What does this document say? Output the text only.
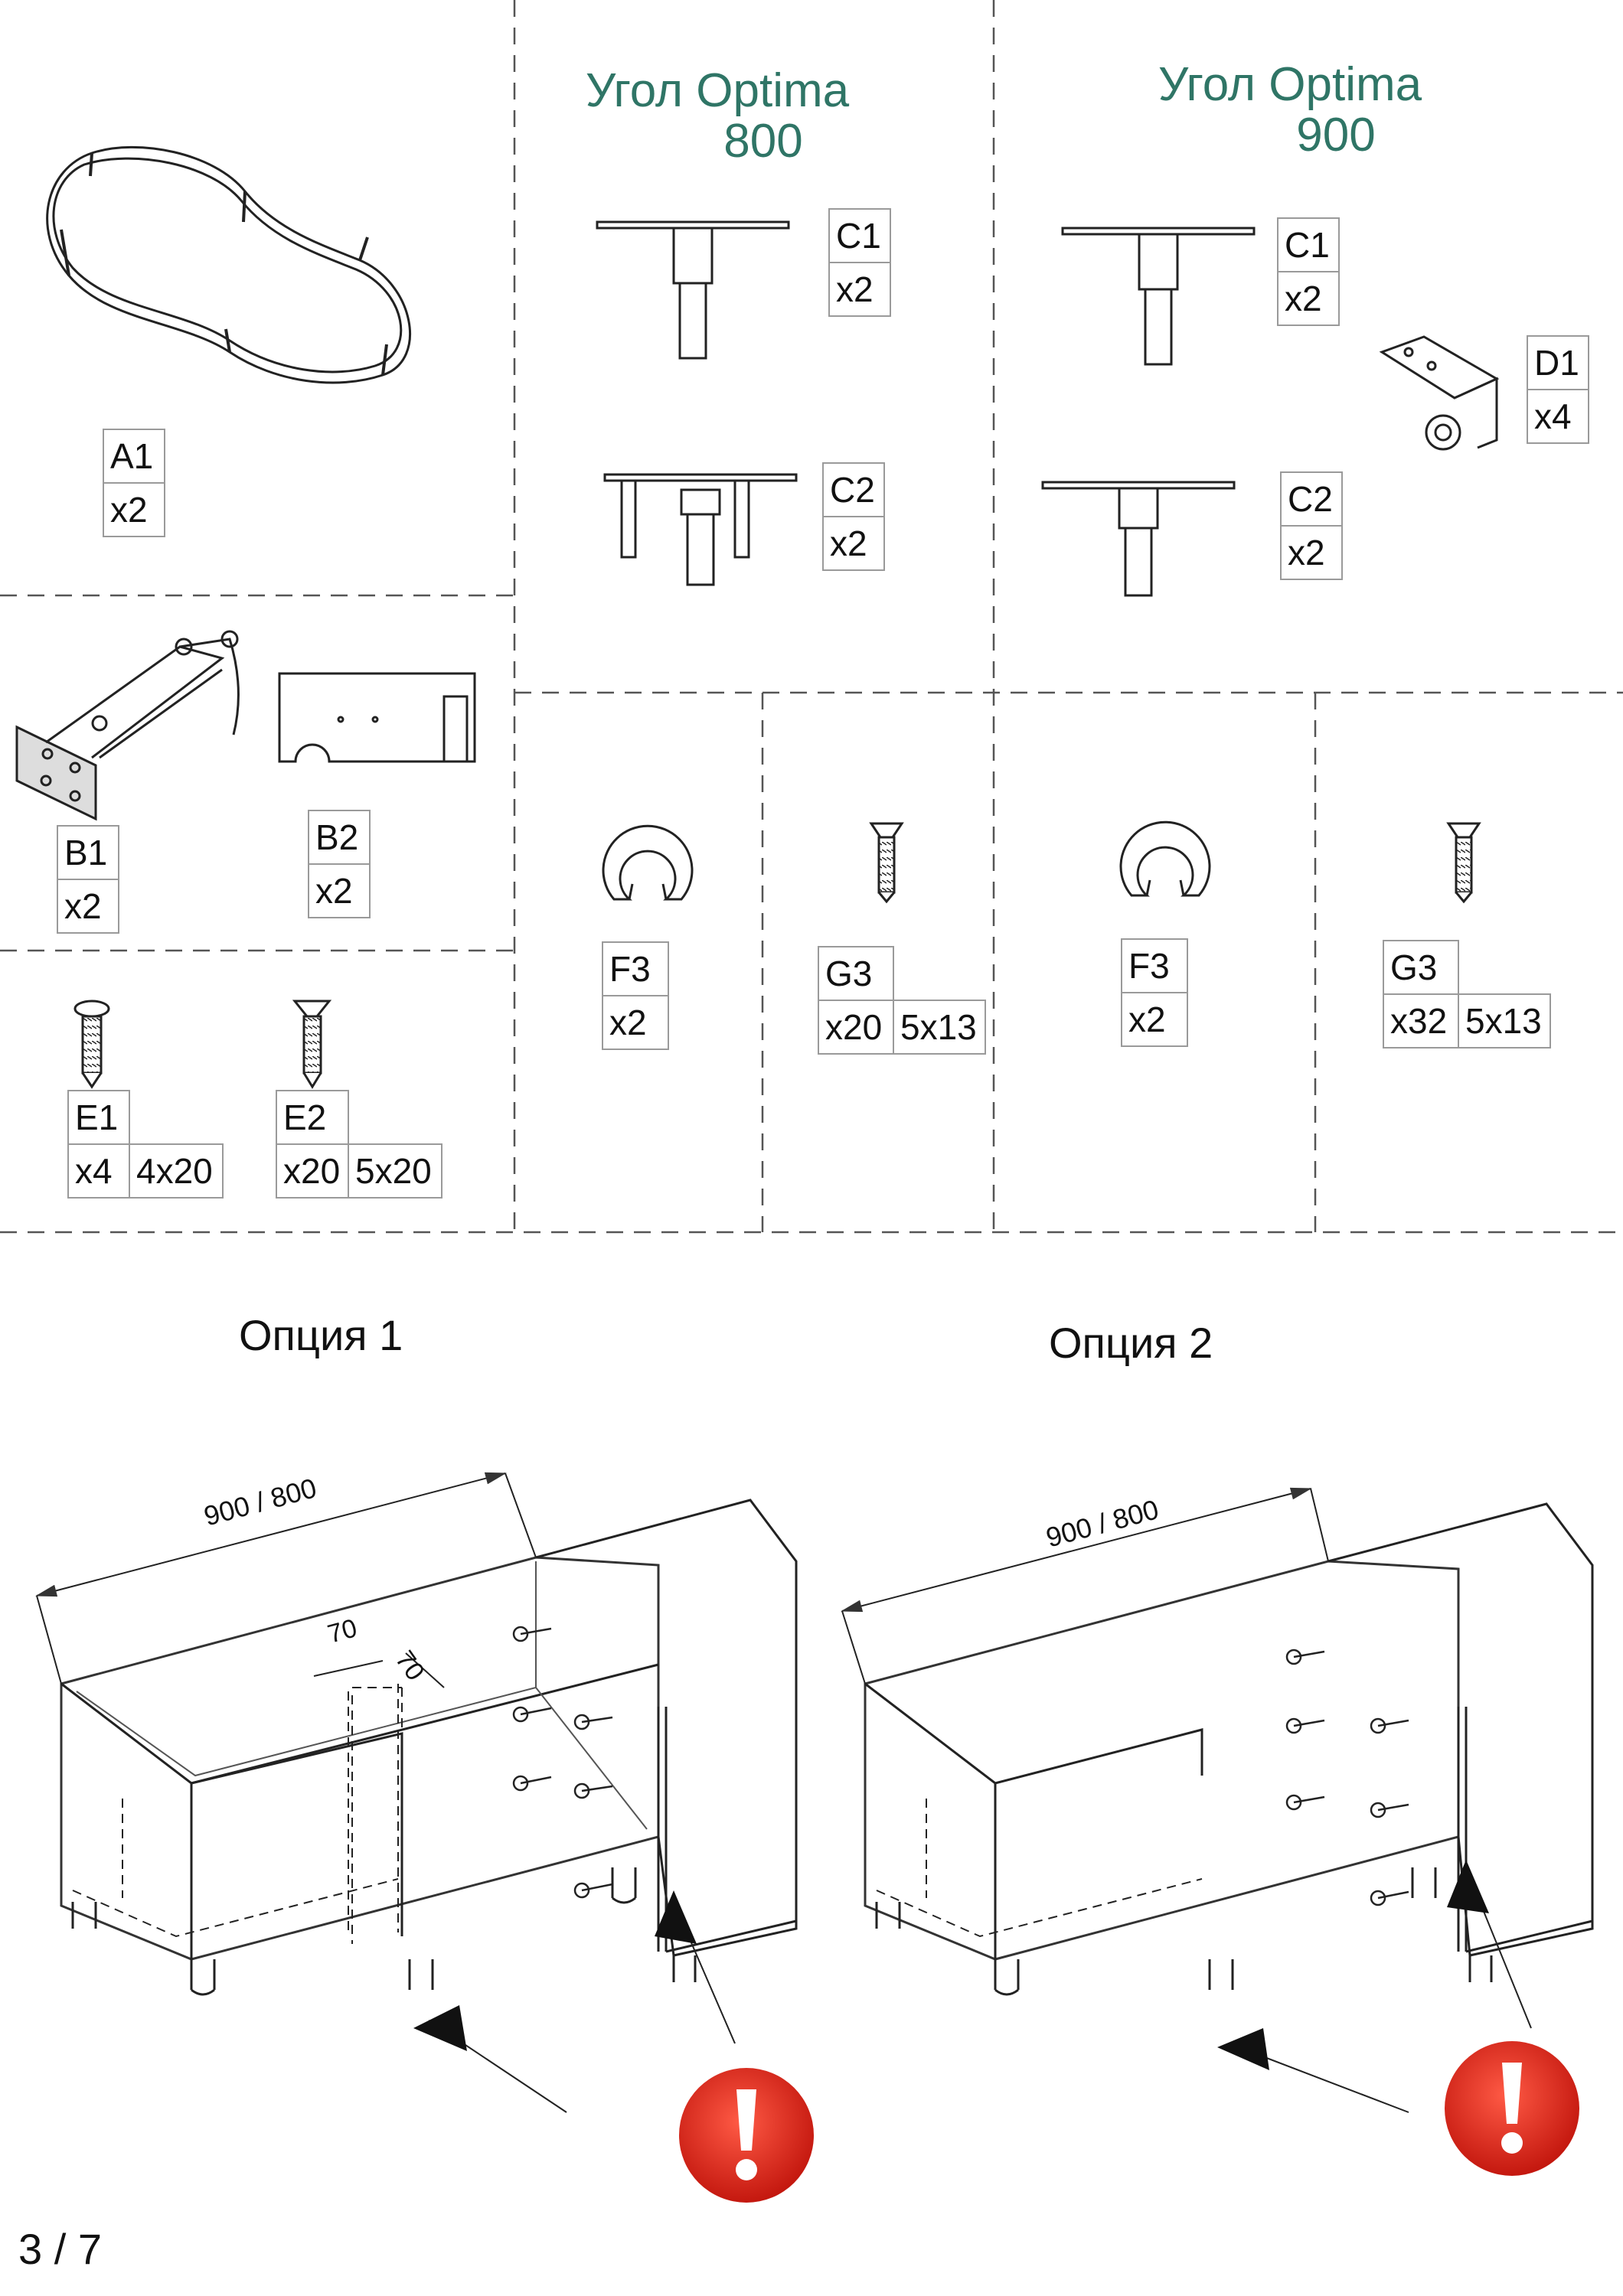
Угол Optima
800
Угол Optima
900
A1
x2
B1
x2
B2
x2
E1
x4 4x20
E2
x20 5x20
C1
x2
C2
x2
C1
x2
D1
x4
C2
x2
F3
x2
G3
x20 5x13
F3
x2
G3
x32 5x13
Опция 1	Опция 2
900 / 800	900 / 800
70
70
3 / 7
